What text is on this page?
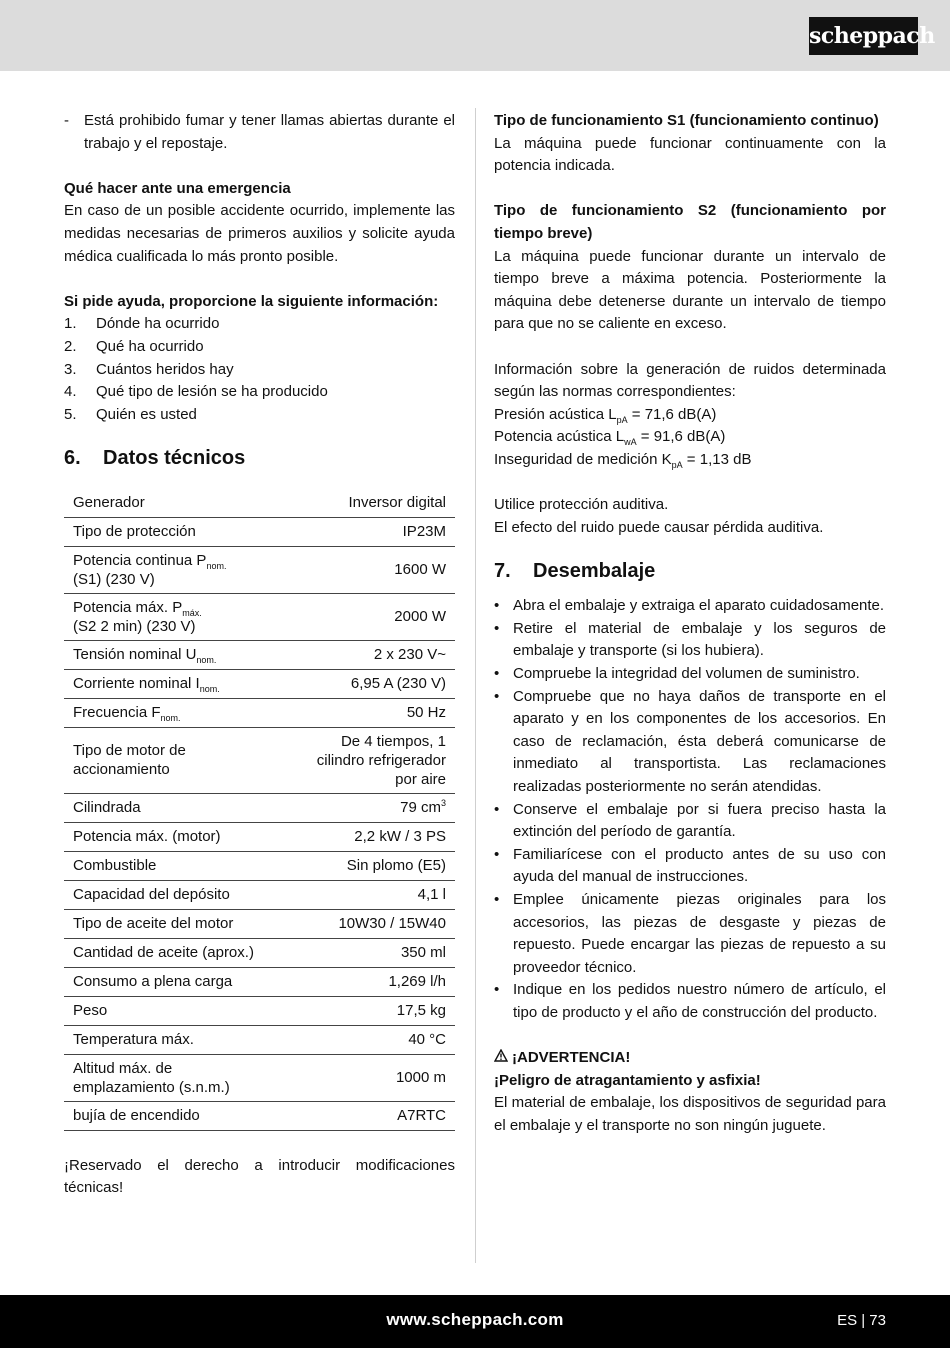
scheppach
-	Está prohibido fumar y tener llamas abiertas durante el trabajo y el repostaje.

Qué hacer ante una emergencia

En caso de un posible accidente ocurrido, implemente las medidas necesarias de primeros auxilios y solicite ayuda médica cualificada lo más pronto posible.

Si pide ayuda, proporcione la siguiente información:

1.	Dónde ha ocurrido
2.	Qué ha ocurrido
3.	Cuántos heridos hay
4.	Qué tipo de lesión se ha producido
5.	Quién es usted
6.	Datos técnicos
Generador	Inversor digital
Tipo de protección	IP23M
Potencia continua $P_{nom.}$
(S1) (230 V)	1600 W
Potencia máx. $P_{máx.}$
(S2 2 min) (230 V)	2000 W
Tensión nominal $U_{nom.}$	2 x 230 V~
Corriente nominal $I_{nom.}$	6,95 A (230 V)
Frecuencia $F_{nom.}$	50 Hz
Tipo de motor de accionamiento	De 4 tiempos, 1 cilindro refrigerador por aire
Cilindrada	79 $cm^3$
Potencia máx. (motor)	2,2 kW / 3 PS
Combustible	Sin plomo (E5)
Capacidad del depósito	4,1 l
Tipo de aceite del motor	10W30 / 15W40
Cantidad de aceite (aprox.)	350 ml
Consumo a plena carga	1,269 l/h
Peso	17,5 kg
Temperatura máx.	40 °C
Altitud máx. de emplazamiento (s.n.m.)	1000 m
bujía de encendido	A7RTC

¡Reservado el derecho a introducir modificaciones técnicas!

Tipo de funcionamiento S1 (funcionamiento continuo)

La máquina puede funcionar continuamente con la potencia indicada.

Tipo de funcionamiento S2 (funcionamiento por tiempo breve)

La máquina puede funcionar durante un intervalo de tiempo breve a máxima potencia. Posteriormente la máquina debe detenerse durante un intervalo de tiempo para que no se caliente en exceso.

Información sobre la generación de ruidos determinada según las normas correspondientes:

Presión acústica $L_{pA} = 71,6$ dB(A)

Potencia acústica $L_{wA} = 91,6$ dB(A)

Inseguridad de medición $K_{pA} = 1,13$ dB

Utilice protección auditiva.

El efecto del ruido puede causar pérdida auditiva.

7.	Desembalaje
• Abra el embalaje y extraiga el aparato cuidadosamente.
• Retire el material de embalaje y los seguros de embalaje y transporte (si los hubiera).
• Compruebe la integridad del volumen de suministro.
• Compruebe que no haya daños de transporte en el aparato y en los componentes de los accesorios. En caso de reclamación, ésta deberá comunicarse de inmediato al transportista. Las reclamaciones realizadas posteriormente no serán atendidas.
• Conserve el embalaje por si fuera preciso hasta la extinción del período de garantía.
• Familiarícese con el producto antes de su uso con ayuda del manual de instrucciones.
• Emplee únicamente piezas originales para los accesorios, las piezas de desgaste y piezas de repuesto. Puede encargar las piezas de repuesto a su proveedor técnico.
• Indique en los pedidos nuestro número de artículo, el tipo de producto y el año de construcción del producto.

¡ADVERTENCIA!

¡Peligro de atragantamiento y asfixia!

El material de embalaje, los dispositivos de seguridad para el embalaje y el transporte no son ningún juguete.

www.scheppach.com	ES | 73
